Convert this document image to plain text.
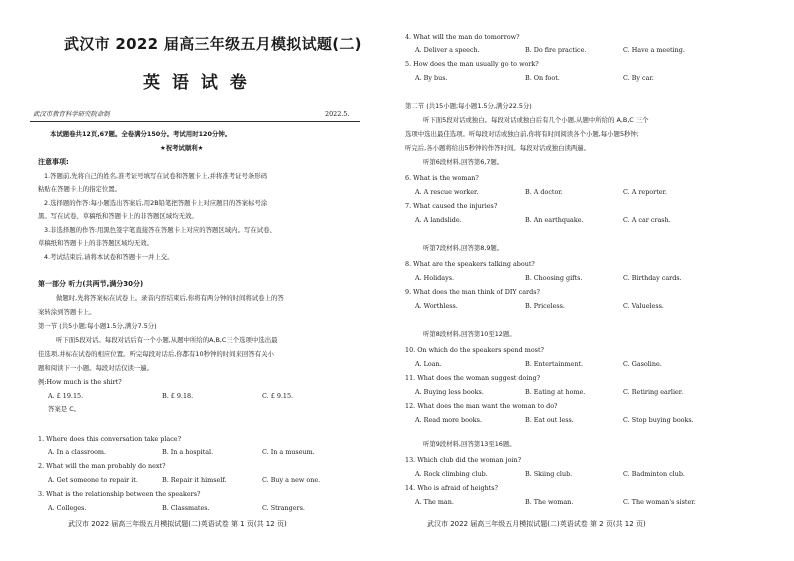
武汉市 2022 届高三年级五月模拟试题(二)
英 语 试 卷
武汉市教育科学研究院命制	2022.5.
本试题卷共12页,67题。全卷满分150分。考试用时120分钟。
★祝考试顺利★
注意事项:
1.答题前,先将自己的姓名,准考证号填写在试卷和答题卡上,并将准考证号条形码
粘贴在答题卡上的指定位置。
2.选择题的作答:每小题选出答案后,用2B铅笔把答题卡上对应题目的答案标号涂
黑。写在试卷、草稿纸和答题卡上的非答题区域均无效。
3.非选择题的作答:用黑色签字笔直接答在答题卡上对应的答题区域内。写在试卷、
草稿纸和答题卡上的非答题区域均无效。
4.考试结束后,请将本试卷和答题卡一并上交。
第一部分 听力(共两节,满分30分)
做题时,先将答案标在试卷上。录音内容结束后,你将有两分钟的时间将试卷上的答
案转涂到答题卡上。
第一节 (共5小题;每小题1.5分,满分7.5分)
听下面5段对话。每段对话后有一个小题,从题中所给的A,B,C三个选项中选出最
佳选项,并标在试卷的相应位置。听完每段对话后,你都有10秒钟的时间来回答有关小
题和阅读下一小题。每段对话仅读一遍。
例:How much is the shirt?
A. £ 19.15.	B. £ 9.18.	C. £ 9.15.
答案是 C。
1. Where does this conversation take place?
A. In a classroom.	B. In a hospital.	C. In a museum.
2. What will the man probably do next?
A. Get someone to repair it.	B. Repair it himself.	C. Buy a new one.
3. What is the relationship between the speakers?
A. Colleges.	B. Classmates.	C. Strangers.
武汉市 2022 届高三年级五月模拟试题(二)英语试卷 第 1 页(共 12 页)
4. What will the man do tomorrow?
A. Deliver a speech.	B. Do fire practice.	C. Have a meeting.
5. How does the man usually go to work?
A. By bus.	B. On foot.	C. By car.
第二节 (共15小题;每小题1.5分,满分22.5分)
听下面5段对话或独白。每段对话或独白后有几个小题,从题中所给的 A,B,C 三个
选项中选出最佳选项。听每段对话或独白前,你将有时间阅读各个小题,每小题5秒钟;
听完后,各小题将给出5秒钟的作答时间。每段对话或独白读两遍。
听第6段材料,回答第6,7题。
6. What is the woman?
A. A rescue worker.	B. A doctor.	C. A reporter.
7. What caused the injuries?
A. A landslide.	B. An earthquake.	C. A car crash.
听第7段材料,回答第8,9题。
8. What are the speakers talking about?
A. Holidays.	B. Choosing gifts.	C. Birthday cards.
9. What does the man think of DIY cards?
A. Worthless.	B. Priceless.	C. Valueless.
听第8段材料,回答第10至12题。
10. On which do the speakers spend most?
A. Loan.	B. Entertainment.	C. Gasoline.
11. What does the woman suggest doing?
A. Buying less books.	B. Eating at home.	C. Retiring earlier.
12. What does the man want the woman to do?
A. Read more books.	B. Eat out less.	C. Stop buying books.
听第9段材料,回答第13至16题。
13. Which club did the woman join?
A. Rock climbing club.	B. Skiing club.	C. Badminton club.
14. Who is afraid of heights?
A. The man.	B. The woman.	C. The woman's sister.
武汉市 2022 届高三年级五月模拟试题(二)英语试卷 第 2 页(共 12 页)
